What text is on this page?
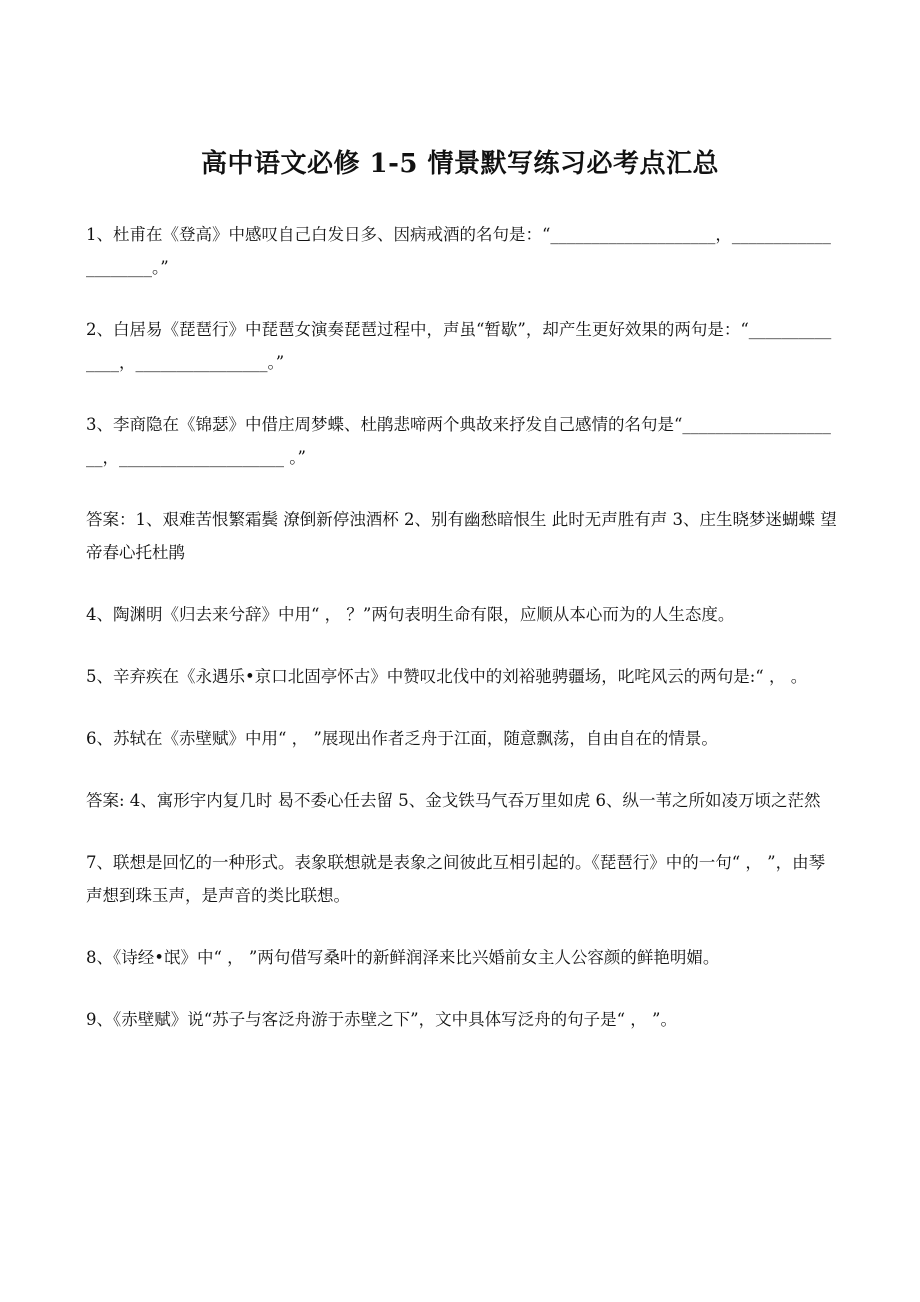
高中语文必修 1-5 情景默写练习必考点汇总

1、杜甫在《登高》中感叹自己白发日多、因病戒酒的名句是：“____________________，____________________。”

2、白居易《琵琶行》中琵琶女演奏琵琶过程中，声虽“暂歇”，却产生更好效果的两句是：“______________，________________。”

3、李商隐在《锦瑟》中借庄周梦蝶、杜鹃悲啼两个典故来抒发自己感情的名句是“____________________，____________________ 。”

答案：1、艰难苦恨繁霜鬓 潦倒新停浊酒杯 2、别有幽愁暗恨生 此时无声胜有声 3、庄生晓梦迷蝴蝶 望帝春心托杜鹃

4、陶渊明《归去来兮辞》中用“ ， ？”两句表明生命有限，应顺从本心而为的人生态度。

5、辛弃疾在《永遇乐•京口北固亭怀古》中赞叹北伐中的刘裕驰骋疆场，叱咤风云的两句是:“ ， 。

6、苏轼在《赤壁赋》中用“ ， ”展现出作者乏舟于江面，随意飘荡，自由自在的情景。

答案: 4、寓形宇内复几时 曷不委心任去留 5、金戈铁马气吞万里如虎 6、纵一苇之所如凌万顷之茫然

7、联想是回忆的一种形式。表象联想就是表象之间彼此互相引起的。《琵琶行》中的一句“ ， ”，由琴声想到珠玉声，是声音的类比联想。

8、《诗经•氓》中“ ， ”两句借写桑叶的新鲜润泽来比兴婚前女主人公容颜的鲜艳明媚。

9、《赤壁赋》说“苏子与客泛舟游于赤壁之下”，文中具体写泛舟的句子是“ ， ”。
